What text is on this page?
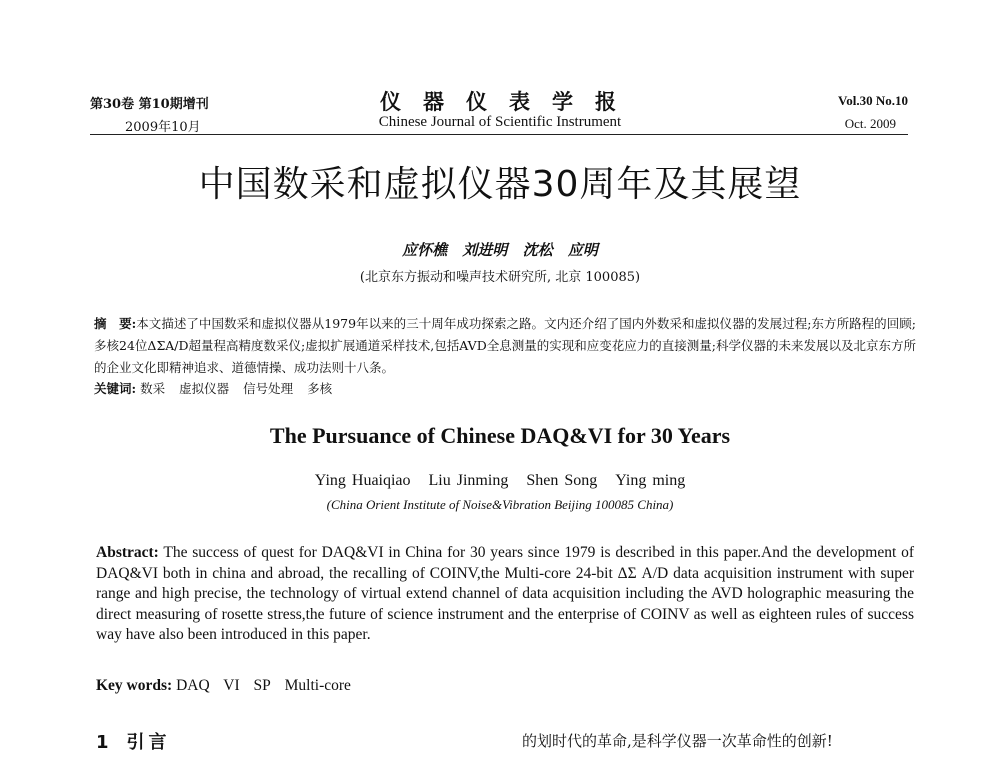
第30卷 第10期增刊
2009年10月
仪器仪表学报
Chinese Journal of Scientific Instrument
Vol.30 No.10
Oct. 2009
中国数采和虚拟仪器30周年及其展望
应怀樵 刘进明 沈松 应明
(北京东方振动和噪声技术研究所, 北京 100085)
摘　要:本文描述了中国数采和虚拟仪器从1979年以来的三十周年成功探索之路。文内还介绍了国内外数采和虚拟仪器的发展过程;东方所路程的回顾;多核24位ΔΣA/D超量程高精度数采仪;虚拟扩展通道采样技术,包括AVD全息测量的实现和应变花应力的直接测量;科学仪器的未来发展以及北京东方所的企业文化即精神追求、道德情操、成功法则十八条。
关键词: 数采 虚拟仪器 信号处理 多核
The Pursuance of Chinese DAQ&VI for 30 Years
Ying Huaiqiao Liu Jinming Shen Song Ying ming
(China Orient Institute of Noise&Vibration Beijing 100085 China)
Abstract: The success of quest for DAQ&VI in China for 30 years since 1979 is described in this paper.And the development of DAQ&VI both in china and abroad, the recalling of COINV,the Multi-core 24-bit ΔΣ A/D data acquisition instrument with super range and high precise, the technology of virtual extend channel of data acquisition including the AVD holographic measuring the direct measuring of rosette stress,the future of science instrument and the enterprise of COINV as well as eighteen rules of success way have also been introduced in this paper.
Key words: DAQ VI SP Multi-core
1 引言	的划时代的革命,是科学仪器一次革命性的创新!
